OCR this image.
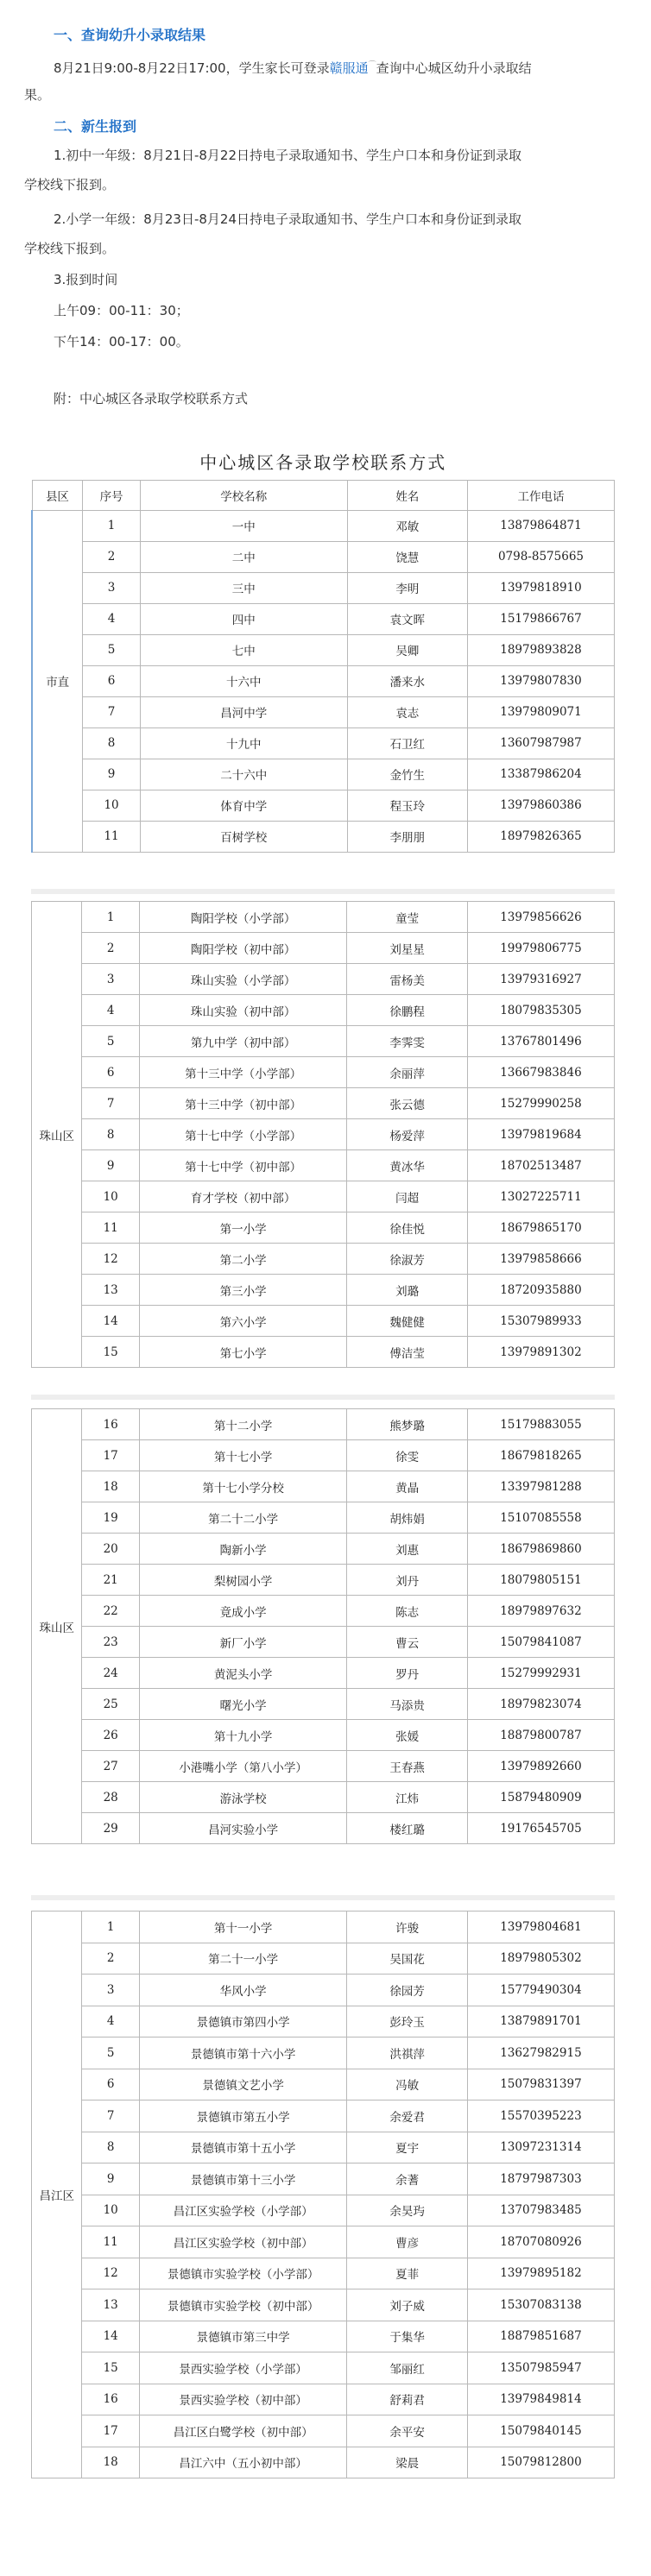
一、查询幼升小录取结果
8月21日9:00-8月22日17:00，学生家长可登录赣服通⌒查询中心城区幼升小录取结
果。
二、新生报到
1.初中一年级：8月21日-8月22日持电子录取通知书、学生户口本和身份证到录取
学校线下报到。
2.小学一年级：8月23日-8月24日持电子录取通知书、学生户口本和身份证到录取
学校线下报到。
3.报到时间
上午09：00-11：30；
下午14：00-17：00。
附：中心城区各录取学校联系方式
中心城区各录取学校联系方式				
县区	序号	学校名称	姓名	工作电话
市直	1	一中	邓敏	13879864871
	2	二中	饶慧	0798-8575665
	3	三中	李明	13979818910
	4	四中	袁文晖	15179866767
	5	七中	吴卿	18979893828
	6	十六中	潘来水	13979807830
	7	昌河中学	袁志	13979809071
	8	十九中	石卫红	13607987987
	9	二十六中	金竹生	13387986204
	10	体育中学	程玉玲	13979860386
	11	百树学校	李朋朋	18979826365
珠山区	1	陶阳学校（小学部）	童莹	13979856626
	2	陶阳学校（初中部）	刘星星	19979806775
	3	珠山实验（小学部）	雷杨美	13979316927
	4	珠山实验（初中部）	徐鹏程	18079835305
	5	第九中学（初中部）	李霁雯	13767801496
	6	第十三中学（小学部）	余丽萍	13667983846
	7	第十三中学（初中部）	张云德	15279990258
	8	第十七中学（小学部）	杨爱萍	13979819684
	9	第十七中学（初中部）	黄冰华	18702513487
	10	育才学校（初中部）	闫超	13027225711
	11	第一小学	徐佳悦	18679865170
	12	第二小学	徐淑芳	13979858666
	13	第三小学	刘璐	18720935880
	14	第六小学	魏健健	15307989933
	15	第七小学	傅洁莹	13979891302
珠山区	16	第十二小学	熊梦璐	15179883055
	17	第十七小学	徐雯	18679818265
	18	第十七小学分校	黄晶	13397981288
	19	第二十二小学	胡炜娟	15107085558
	20	陶新小学	刘惠	18679869860
	21	梨树园小学	刘丹	18079805151
	22	竟成小学	陈志	18979897632
	23	新厂小学	曹云	15079841087
	24	黄泥头小学	罗丹	15279992931
	25	曙光小学	马添贵	18979823074
	26	第十九小学	张媛	18879800787
	27	小港嘴小学（第八小学）	王春燕	13979892660
	28	游泳学校	江炜	15879480909
	29	昌河实验小学	楼红璐	19176545705
昌江区	1	第十一小学	许骏	13979804681
	2	第二十一小学	吴国花	18979805302
	3	华风小学	徐园芳	15779490304
	4	景德镇市第四小学	彭玲玉	13879891701
	5	景德镇市第十六小学	洪祺萍	13627982915
	6	景德镇文艺小学	冯敏	15079831397
	7	景德镇市第五小学	余爱君	15570395223
	8	景德镇市第十五小学	夏宇	13097231314
	9	景德镇市第十三小学	余蓍	18797987303
	10	昌江区实验学校（小学部）	余昊玙	13707983485
	11	昌江区实验学校（初中部）	曹彦	18707080926
	12	景德镇市实验学校（小学部）	夏菲	13979895182
	13	景德镇市实验学校（初中部）	刘子威	15307083138
	14	景德镇市第三中学	于集华	18879851687
	15	景西实验学校（小学部）	邹丽红	13507985947
	16	景西实验学校（初中部）	舒莉君	13979849814
	17	昌江区白鹭学校（初中部）	余平安	15079840145
	18	昌江六中（五小初中部）	梁晨	15079812800
